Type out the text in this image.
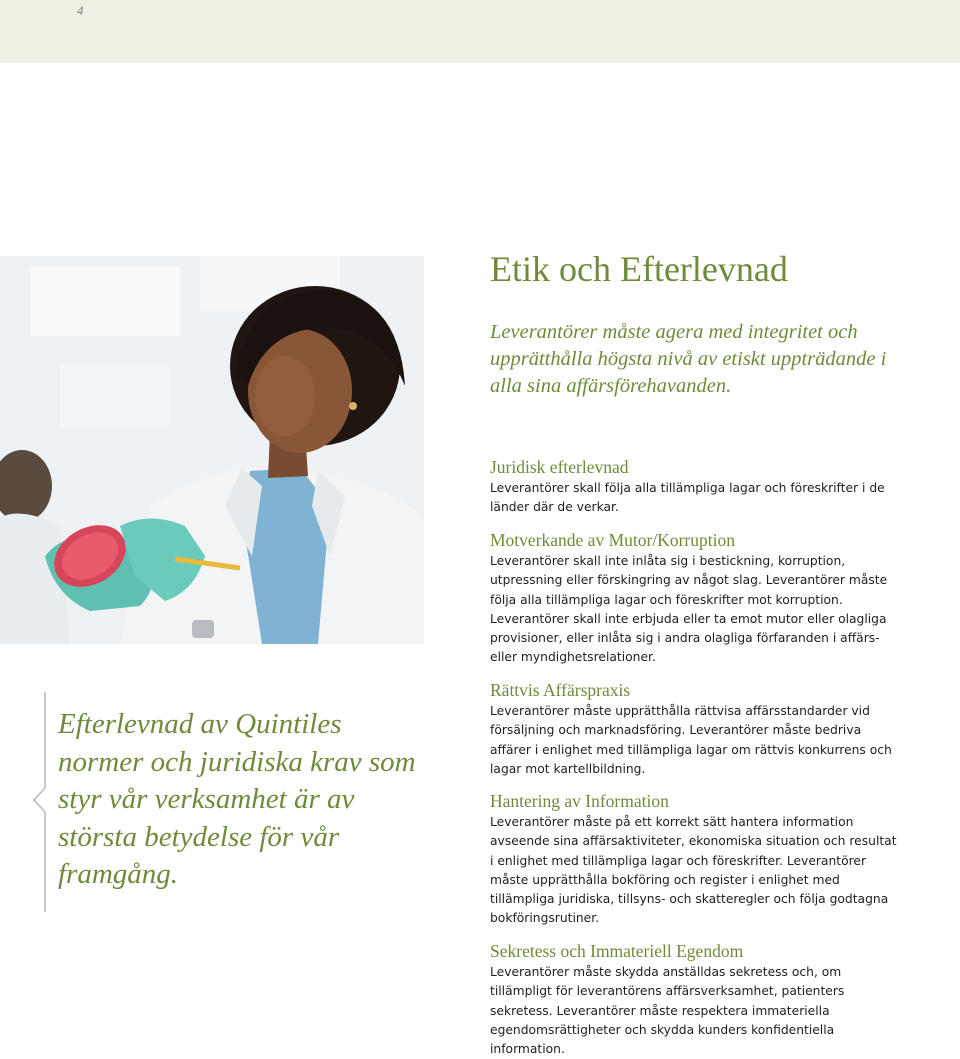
4
Etik och Efterlevnad

Leverantörer måste agera med integritet och upprätthålla högsta nivå av etiskt uppträdande i alla sina affärsförehavanden.

Juridisk efterlevnad

Leverantörer skall följa alla tillämpliga lagar och föreskrifter i de länder där de verkar.

Motverkande av Mutor/Korruption

Leverantörer skall inte inlåta sig i bestickning, korruption, utpressning eller förskingring av något slag. Leverantörer måste följa alla tillämpliga lagar och föreskrifter mot korruption. Leverantörer skall inte erbjuda eller ta emot mutor eller olagliga provisioner, eller inlåta sig i andra olagliga förfaranden i affärs- eller myndighetsrelationer.

Rättvis Affärspraxis

Leverantörer måste upprätthålla rättvisa affärsstandarder vid försäljning och marknadsföring. Leverantörer måste bedriva affärer i enlighet med tillämpliga lagar om rättvis konkurrens och lagar mot kartellbildning.

Hantering av Information

Leverantörer måste på ett korrekt sätt hantera information avseende sina affärsaktiviteter, ekonomiska situation och resultat i enlighet med tillämpliga lagar och föreskrifter. Leverantörer måste upprätthålla bokföring och register i enlighet med tillämpliga juridiska, tillsyns- och skatteregler och följa godtagna bokföringsrutiner.

Sekretess och Immateriell Egendom

Leverantörer måste skydda anställdas sekretess och, om tillämpligt för leverantörens affärsverksamhet, patienters sekretess. Leverantörer måste respektera immateriella egendomsrättigheter och skydda kunders konfidentiella information.

Efterlevnad av Quintiles normer och juridiska krav som styr vår verksamhet är av största betydelse för vår framgång.
